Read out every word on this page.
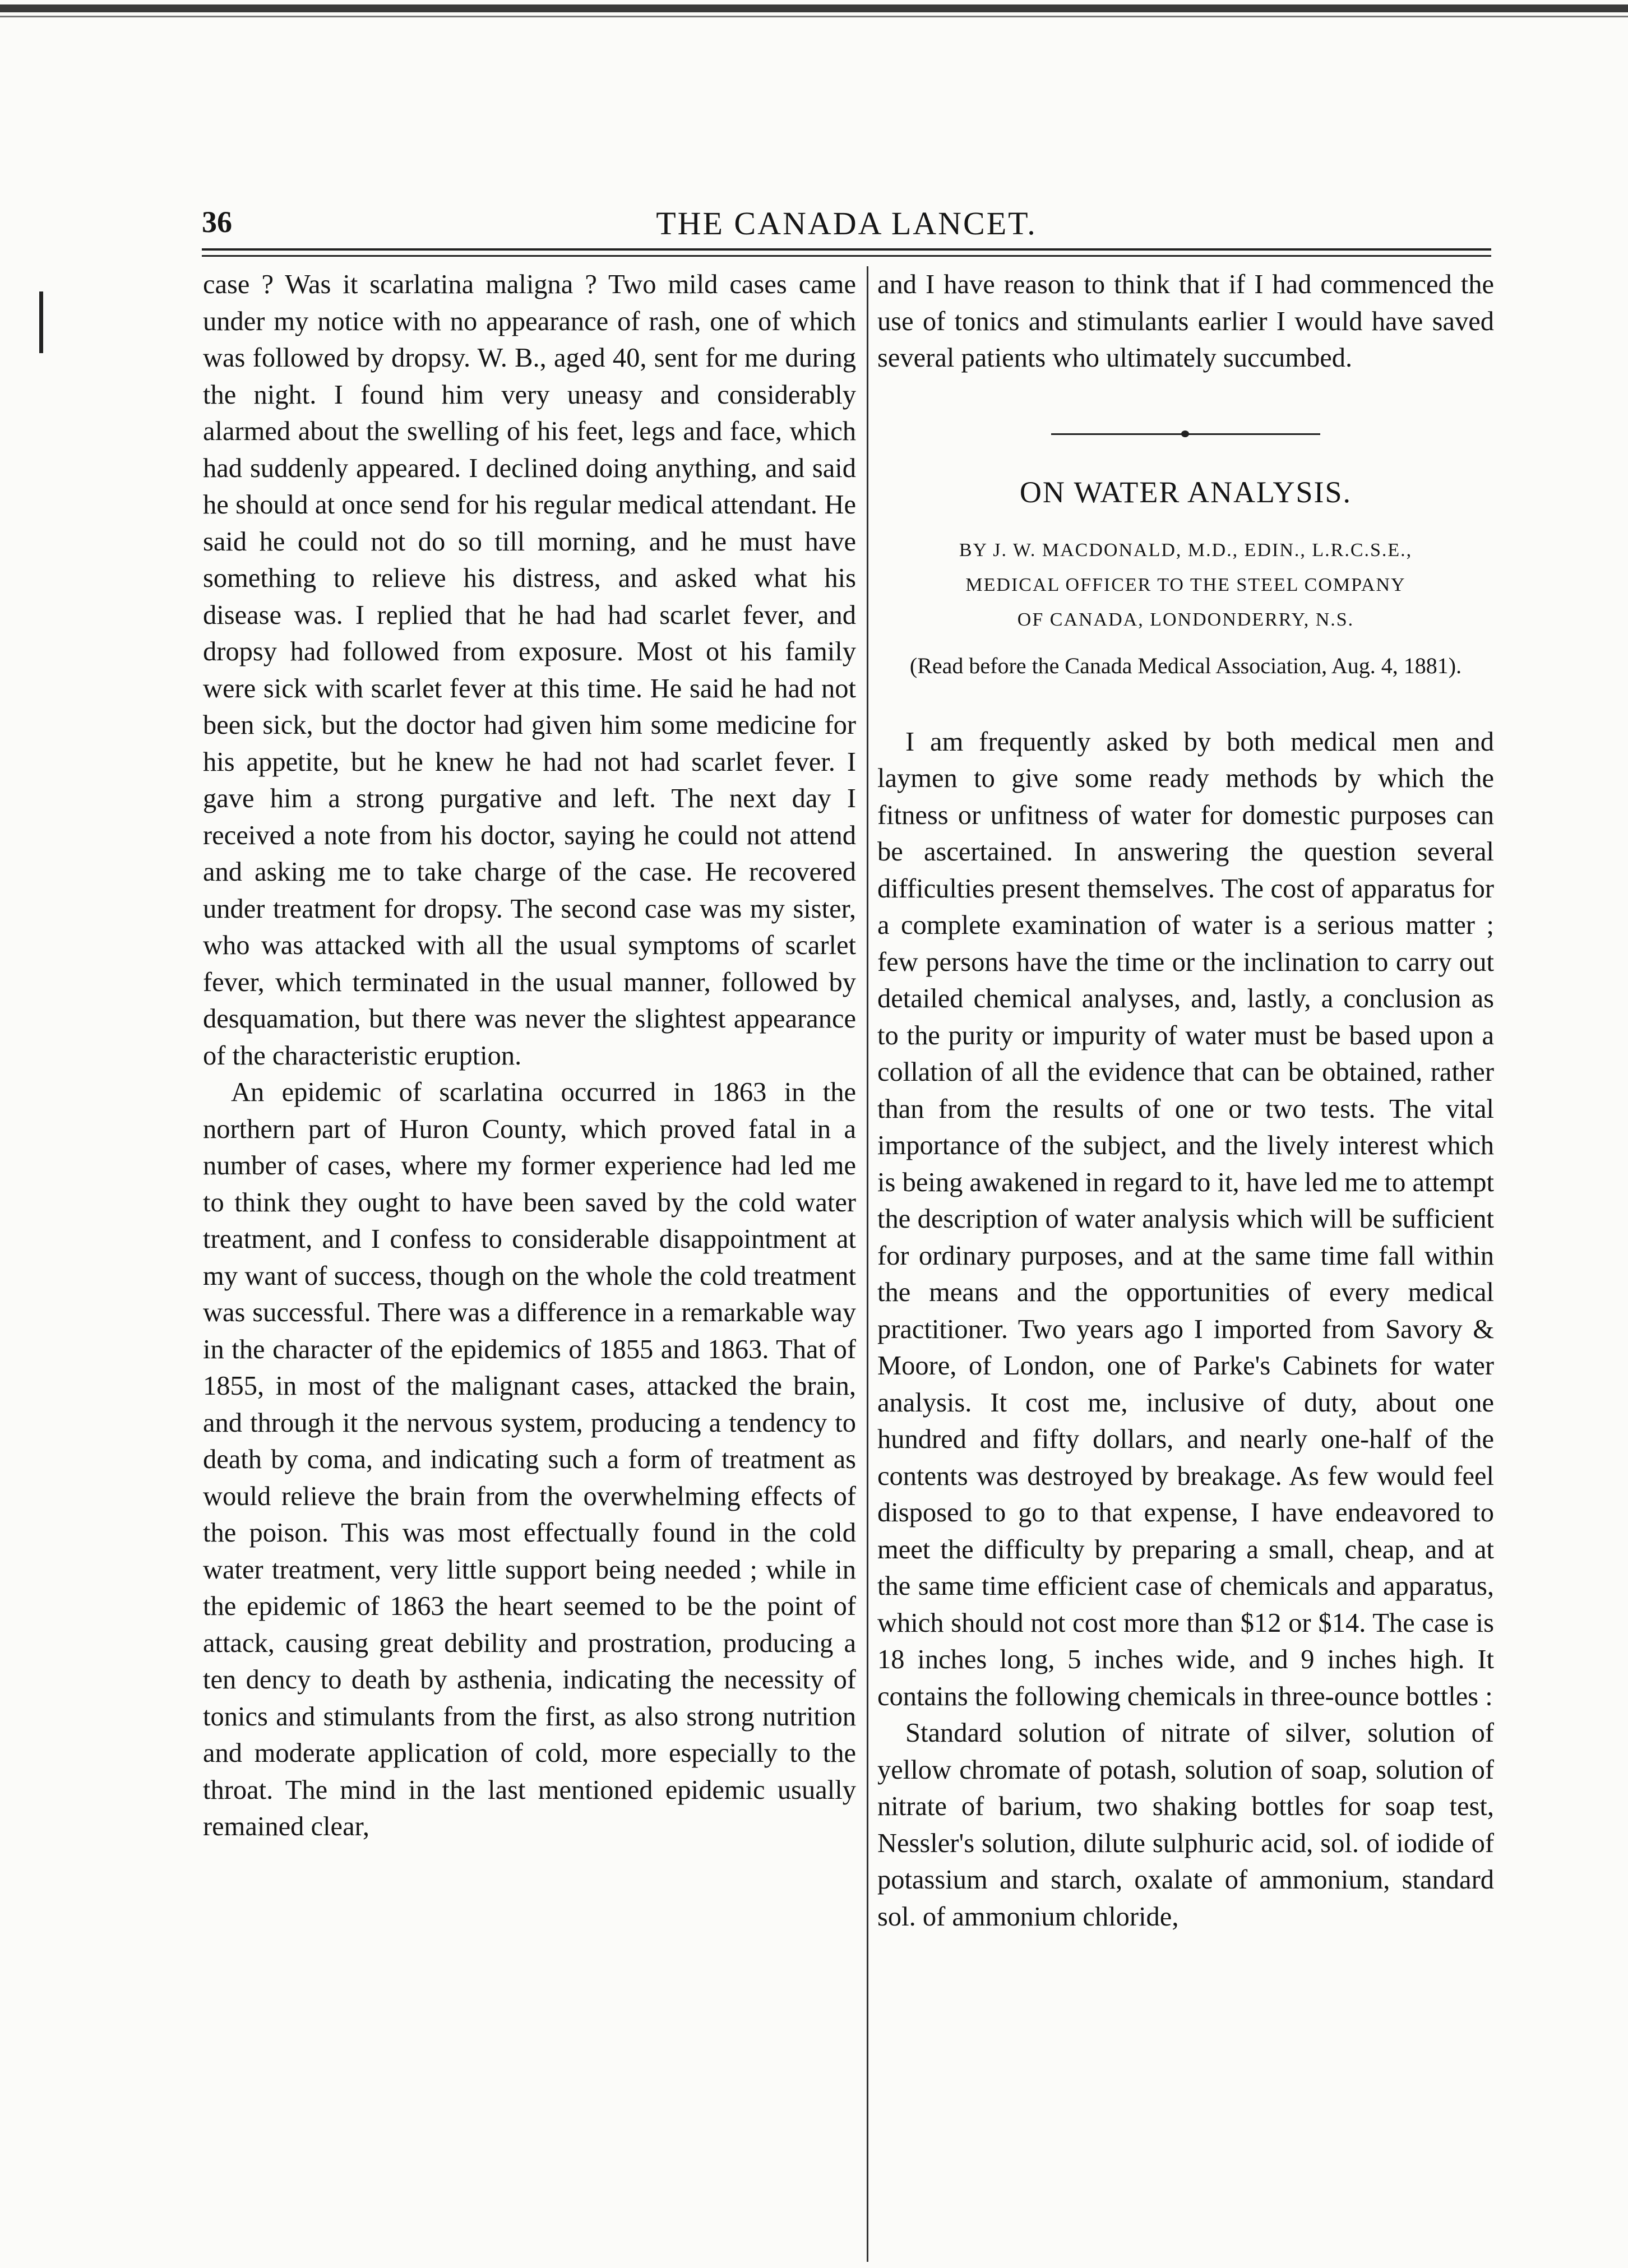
36	THE CANADA LANCET.

case ? Was it scarlatina maligna ? Two mild cases came under my notice with no appearance of rash, one of which was followed by dropsy. W. B., aged 40, sent for me during the night. I found him very uneasy and considerably alarmed about the swelling of his feet, legs and face, which had suddenly appeared. I declined doing anything, and said he should at once send for his regular medical attendant. He said he could not do so till morning, and he must have something to relieve his distress, and asked what his disease was. I replied that he had had scarlet fever, and dropsy had followed from exposure. Most ot his family were sick with scarlet fever at this time. He said he had not been sick, but the doctor had given him some medicine for his appetite, but he knew he had not had scarlet fever. I gave him a strong purgative and left. The next day I received a note from his doctor, saying he could not attend and asking me to take charge of the case. He recovered under treatment for dropsy. The second case was my sister, who was attacked with all the usual symptoms of scarlet fever, which terminated in the usual manner, followed by desquamation, but there was never the slightest appearance of the characteristic eruption.

An epidemic of scarlatina occurred in 1863 in the northern part of Huron County, which proved fatal in a number of cases, where my former experience had led me to think they ought to have been saved by the cold water treatment, and I confess to considerable disappointment at my want of success, though on the whole the cold treatment was successful. There was a difference in a remarkable way in the character of the epidemics of 1855 and 1863. That of 1855, in most of the malignant cases, attacked the brain, and through it the nervous system, producing a tendency to death by coma, and indicating such a form of treatment as would relieve the brain from the overwhelming effects of the poison. This was most effectually found in the cold water treatment, very little support being needed ; while in the epidemic of 1863 the heart seemed to be the point of attack, causing great debility and prostration, producing a ten dency to death by asthenia, indicating the necessity of tonics and stimulants from the first, as also strong nutrition and moderate application of cold, more especially to the throat. The mind in the last mentioned epidemic usually remained clear,

and I have reason to think that if I had commenced the use of tonics and stimulants earlier I would have saved several patients who ultimately succumbed.

ON WATER ANALYSIS.
BY J. W. MACDONALD, M.D., EDIN., L.R.C.S.E.,
MEDICAL OFFICER TO THE STEEL COMPANY
OF CANADA, LONDONDERRY, N.S.
(Read before the Canada Medical Association, Aug. 4, 1881).

I am frequently asked by both medical men and laymen to give some ready methods by which the fitness or unfitness of water for domestic purposes can be ascertained. In answering the question several difficulties present themselves. The cost of apparatus for a complete examination of water is a serious matter ; few persons have the time or the inclination to carry out detailed chemical analyses, and, lastly, a conclusion as to the purity or impurity of water must be based upon a collation of all the evidence that can be obtained, rather than from the results of one or two tests. The vital importance of the subject, and the lively interest which is being awakened in regard to it, have led me to attempt the description of water analysis which will be sufficient for ordinary purposes, and at the same time fall within the means and the opportunities of every medical practitioner. Two years ago I imported from Savory & Moore, of London, one of Parke's Cabinets for water analysis. It cost me, inclusive of duty, about one hundred and fifty dollars, and nearly one-half of the contents was destroyed by breakage. As few would feel disposed to go to that expense, I have endeavored to meet the difficulty by preparing a small, cheap, and at the same time efficient case of chemicals and apparatus, which should not cost more than $12 or $14. The case is 18 inches long, 5 inches wide, and 9 inches high. It contains the following chemicals in three-ounce bottles :

Standard solution of nitrate of silver, solution of yellow chromate of potash, solution of soap, solution of nitrate of barium, two shaking bottles for soap test, Nessler's solution, dilute sulphuric acid, sol. of iodide of potassium and starch, oxalate of ammonium, standard sol. of ammonium chloride,
